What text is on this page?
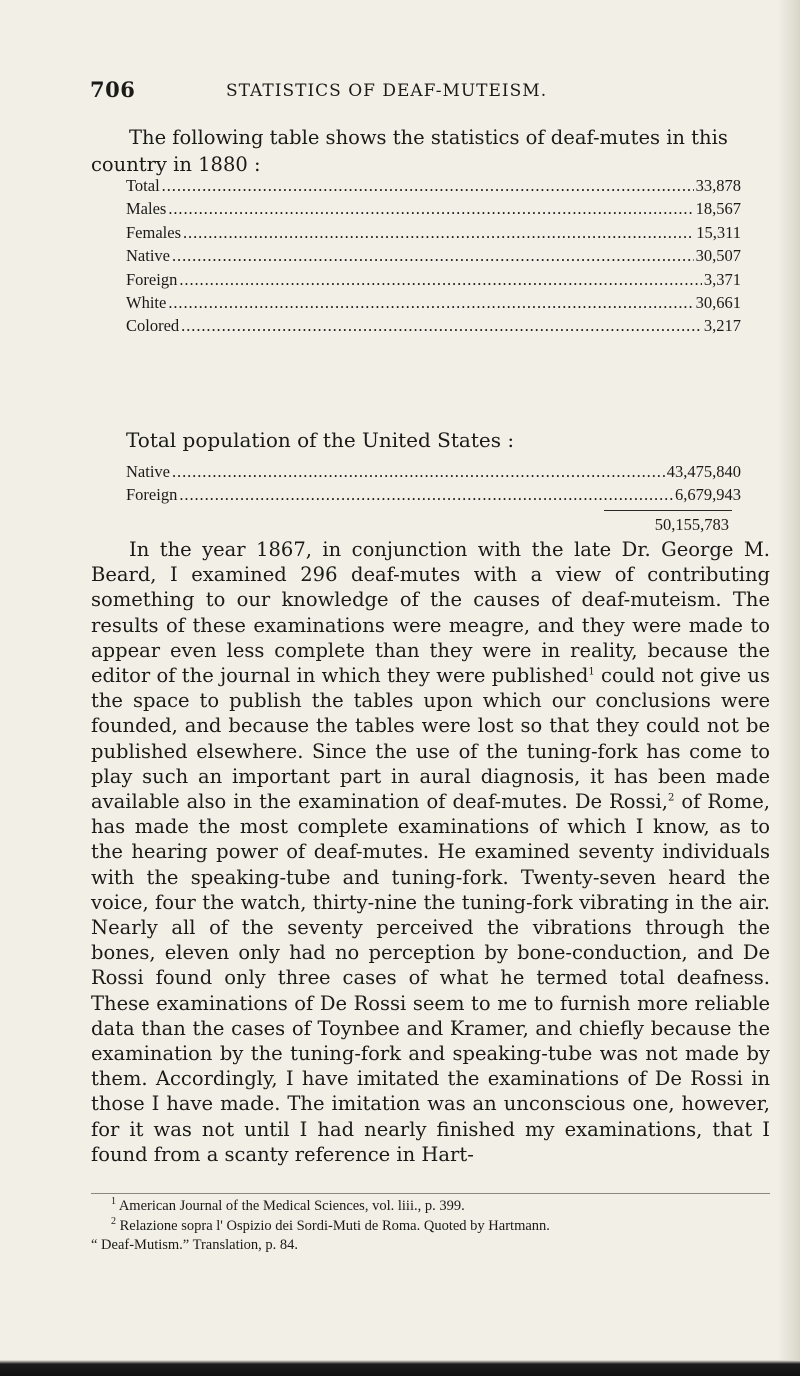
706	STATISTICS OF DEAF-MUTEISM.
The following table shows the statistics of deaf-mutes in this
country in 1880 :
Total . . .	33,878
Males . . .	18,567
Females . . .	15,311
Native . . .	30,507
Foreign . . .	3,371
White . . .	30,661
Colored . . .	3,217
Total population of the United States :
Native . . .	43,475,840
Foreign . . .	6,679,943
50,155,783

In the year 1867, in conjunction with the late Dr. George M. Beard, I examined 296 deaf-mutes with a view of contributing something to our knowledge of the causes of deaf-muteism. The results of these examinations were meagre, and they were made to appear even less complete than they were in reality, because the editor of the journal in which they were published$^1$ could not give us the space to publish the tables upon which our conclusions were founded, and because the tables were lost so that they could not be published elsewhere. Since the use of the tuning-fork has come to play such an important part in aural diagnosis, it has been made available also in the examination of deaf-mutes. De Rossi,$^2$ of Rome, has made the most complete examinations of which I know, as to the hearing power of deaf-mutes. He examined seventy individuals with the speaking-tube and tuning-fork. Twenty-seven heard the voice, four the watch, thirty-nine the tuning-fork vibrating in the air. Nearly all of the seventy perceived the vibrations through the bones, eleven only had no perception by bone-conduction, and De Rossi found only three cases of what he termed total deafness. These examinations of De Rossi seem to me to furnish more reliable data than the cases of Toynbee and Kramer, and chiefly because the examination by the tuning-fork and speaking-tube was not made by them. Accordingly, I have imitated the examinations of De Rossi in those I have made. The imitation was an unconscious one, however, for it was not until I had nearly finished my examinations, that I found from a scanty reference in Hart-

$^1$ American Journal of the Medical Sciences, vol. liii., p. 399.
$^2$ Relazione sopra l' Ospizio dei Sordi-Muti de Roma. Quoted by Hartmann.
“ Deaf-Mutism.” Translation, p. 84.
